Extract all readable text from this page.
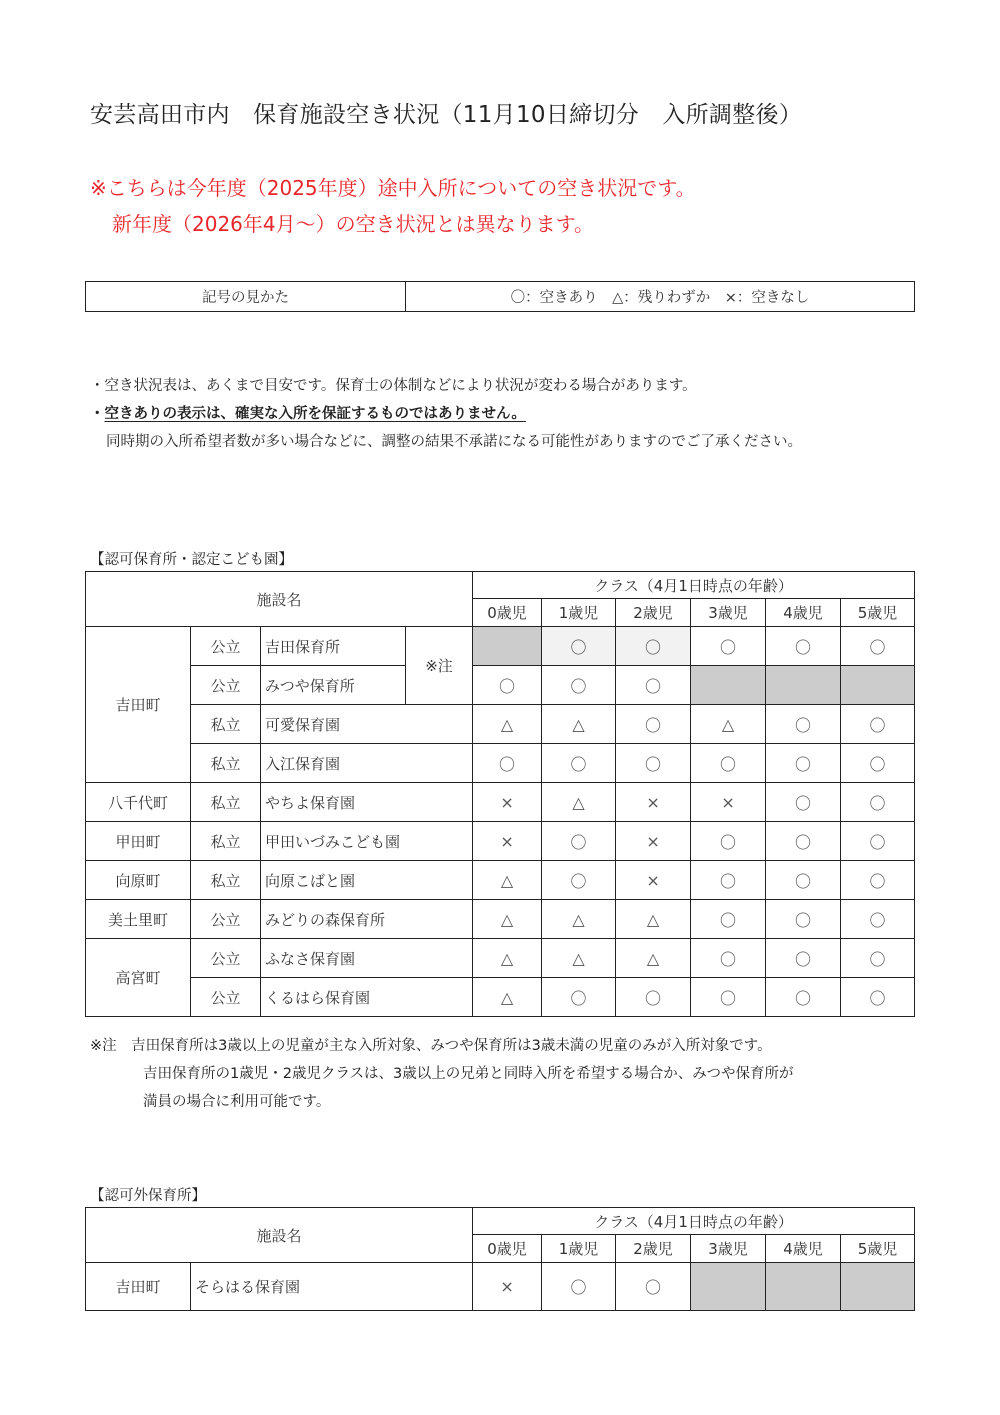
安芸高田市内　保育施設空き状況（11月10日締切分　入所調整後）
※こちらは今年度（2025年度）途中入所についての空き状況です。
新年度（2026年4月～）の空き状況とは異なります。
記号の見かた	〇：空きあり　△：残りわずか　×：空きなし
・空き状況表は、あくまで目安です。保育士の体制などにより状況が変わる場合があります。
・空きありの表示は、確実な入所を保証するものではありません。
同時期の入所希望者数が多い場合などに、調整の結果不承諾になる可能性がありますのでご了承ください。
【認可保育所・認定こども園】
施設名				クラス（4月1日時点の年齢）					
				0歳児	1歳児	2歳児	3歳児	4歳児	5歳児
吉田町	公立	吉田保育所	※注		〇	〇	〇	〇	〇
	公立	みつや保育所		〇	〇	〇			
	私立	可愛保育園		△	△	〇	△	〇	〇
	私立	入江保育園		〇	〇	〇	〇	〇	〇
八千代町	私立	やちよ保育園		×	△	×	×	〇	〇
甲田町	私立	甲田いづみこども園		×	〇	×	〇	〇	〇
向原町	私立	向原こばと園		△	〇	×	〇	〇	〇
美土里町	公立	みどりの森保育所		△	△	△	〇	〇	〇
高宮町	公立	ふなさ保育園		△	△	△	〇	〇	〇
	公立	くるはら保育園		△	〇	〇	〇	〇	〇
※注　吉田保育所は3歳以上の児童が主な入所対象、みつや保育所は3歳未満の児童のみが入所対象です。
吉田保育所の1歳児・2歳児クラスは、3歳以上の兄弟と同時入所を希望する場合か、みつや保育所が
満員の場合に利用可能です。
【認可外保育所】
施設名		クラス（4月1日時点の年齢）					
		0歳児	1歳児	2歳児	3歳児	4歳児	5歳児
吉田町	そらはる保育園	×	〇	〇			
